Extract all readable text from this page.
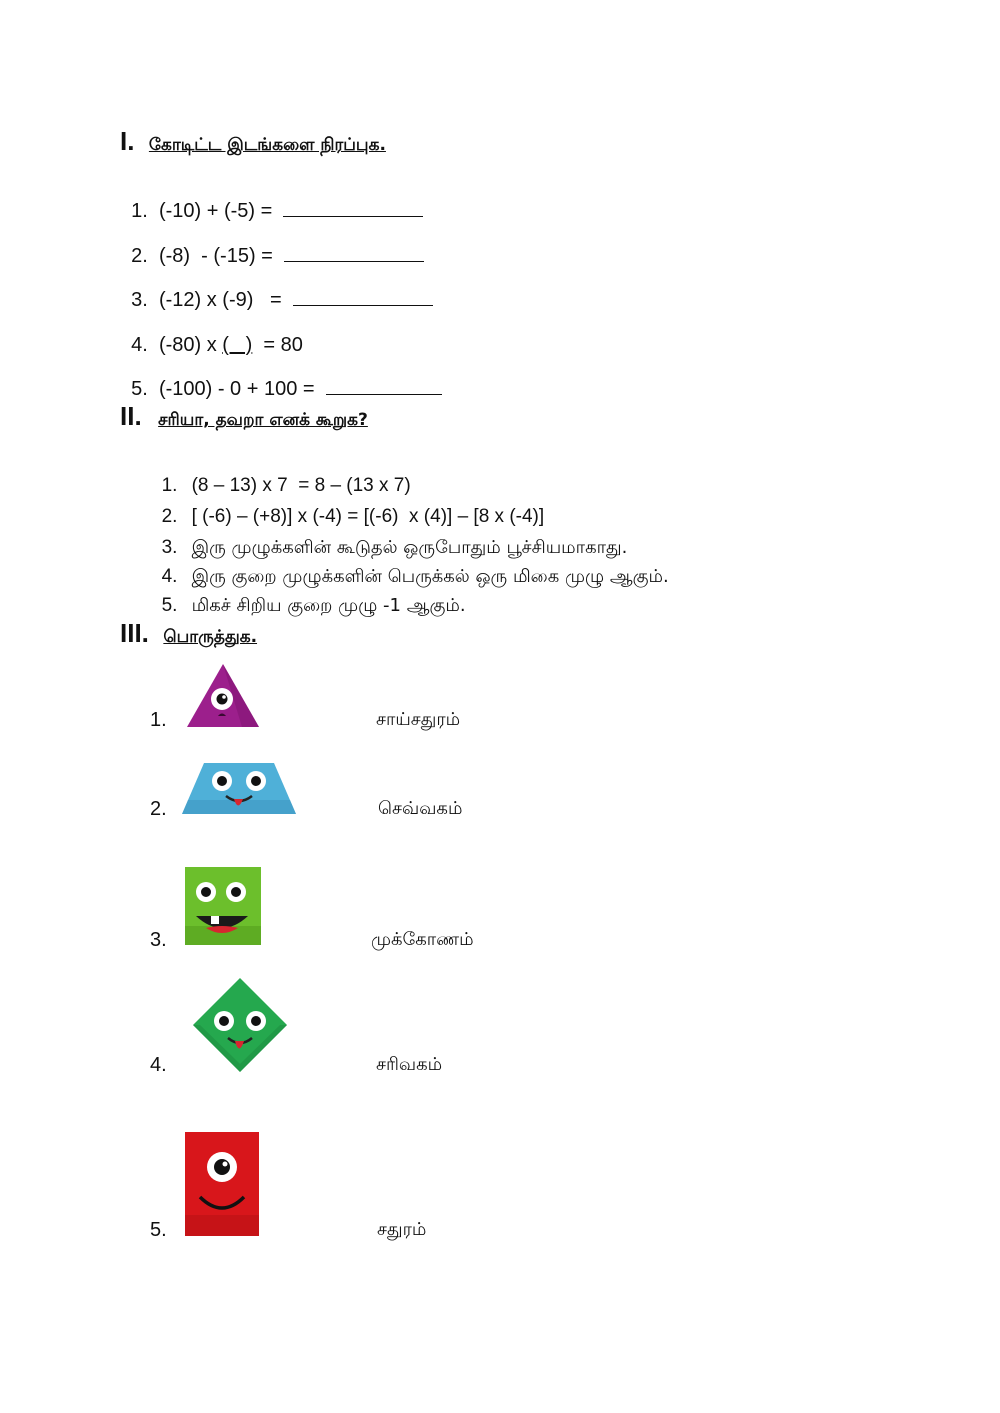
I. கோடிட்ட இடங்களை நிரப்புக.

1. (-10) + (-5) =

2. (-8)  - (-15) =

3. (-12) x (-9)   =

4. (-80) x (   )  = 80

5. (-100) - 0 + 100 =

II. சரியா, தவறா எனக் கூறுக?

1. (8 – 13) x 7  = 8 – (13 x 7)

2. [ (-6) – (+8)] x (-4) = [(-6)  x (4)] – [8 x (-4)]

3. இரு முழுக்களின் கூடுதல் ஒருபோதும் பூச்சியமாகாது.

4. இரு குறை முழுக்களின் பெருக்கல் ஒரு மிகை முழு ஆகும்.

5. மிகச் சிறிய குறை முழு -1 ஆகும்.

III. பொருத்துக.
1.	சாய்சதுரம்
2.	செவ்வகம்
3.	முக்கோணம்
4.	சரிவகம்
5.	சதுரம்
